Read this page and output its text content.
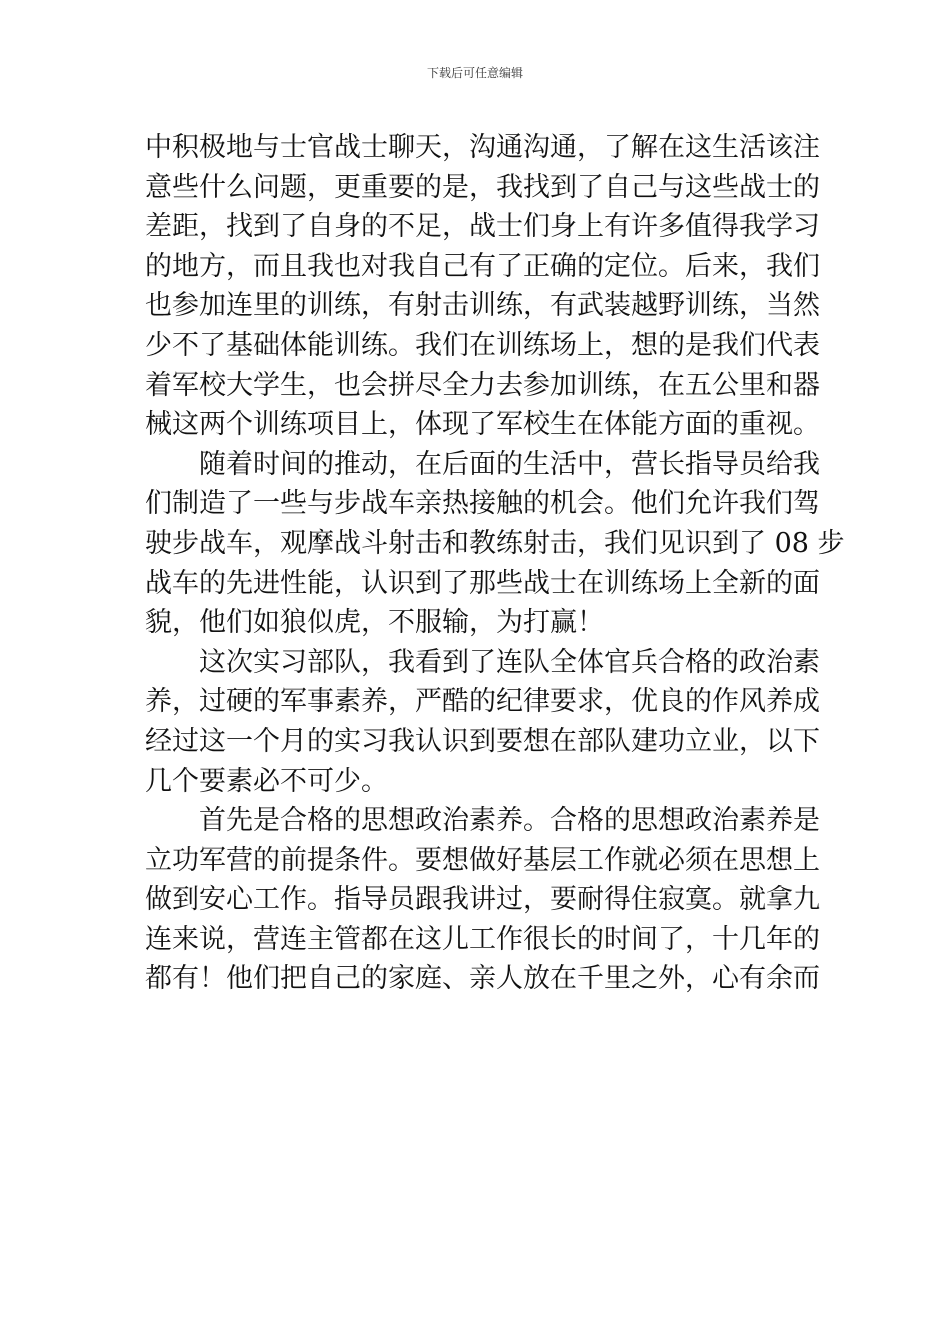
下载后可任意编辑
中积极地与士官战士聊天，沟通沟通，了解在这生活该注
意些什么问题，更重要的是，我找到了自己与这些战士的
差距，找到了自身的不足，战士们身上有许多值得我学习
的地方，而且我也对我自己有了正确的定位。后来，我们
也参加连里的训练，有射击训练，有武装越野训练，当然
少不了基础体能训练。我们在训练场上，想的是我们代表
着军校大学生，也会拼尽全力去参加训练，在五公里和器
械这两个训练项目上，体现了军校生在体能方面的重视。
　　随着时间的推动，在后面的生活中，营长指导员给我
们制造了一些与步战车亲热接触的机会。他们允许我们驾
驶步战车，观摩战斗射击和教练射击，我们见识到了 08 步
战车的先进性能，认识到了那些战士在训练场上全新的面
貌，他们如狼似虎，不服输，为打赢！
　　这次实习部队，我看到了连队全体官兵合格的政治素
养，过硬的军事素养，严酷的纪律要求，优良的作风养成
经过这一个月的实习我认识到要想在部队建功立业，以下
几个要素必不可少。
　　首先是合格的思想政治素养。合格的思想政治素养是
立功军营的前提条件。要想做好基层工作就必须在思想上
做到安心工作。指导员跟我讲过，要耐得住寂寞。就拿九
连来说，营连主管都在这儿工作很长的时间了，十几年的
都有！他们把自己的家庭、亲人放在千里之外，心有余而
